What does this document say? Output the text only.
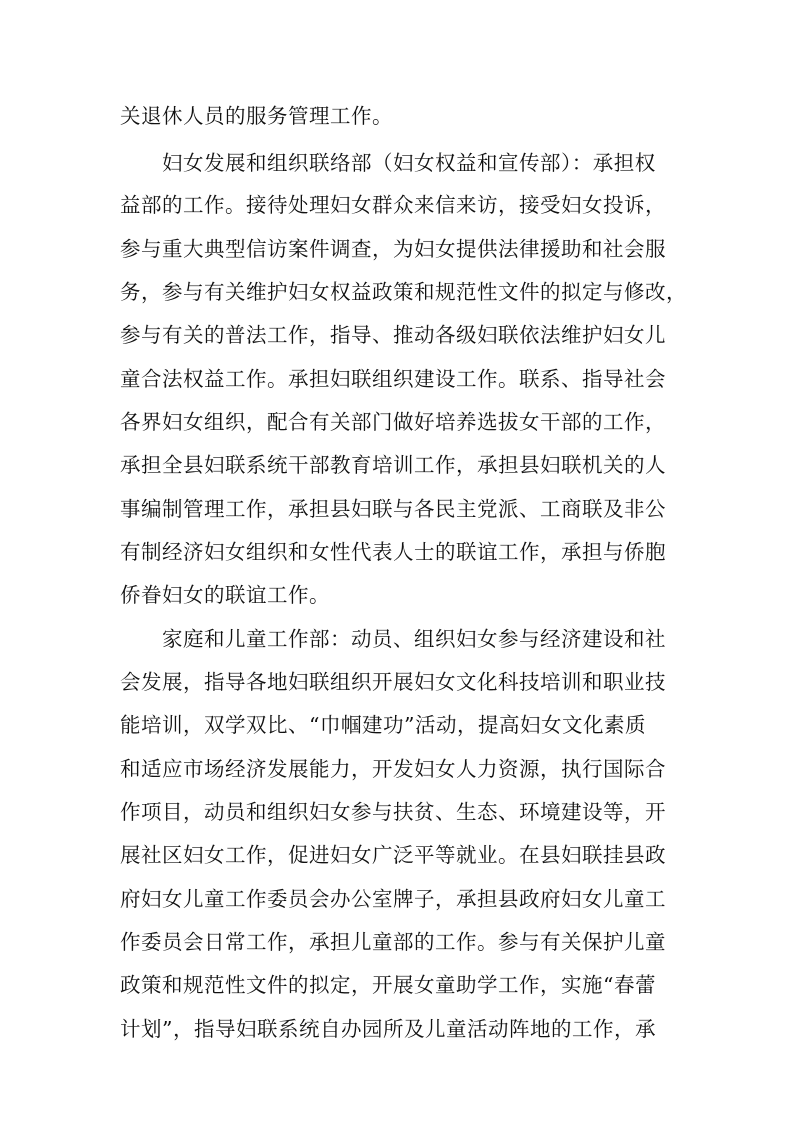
关退休人员的服务管理工作。
妇女发展和组织联络部（妇女权益和宣传部）：承担权
益部的工作。接待处理妇女群众来信来访，接受妇女投诉，
参与重大典型信访案件调查，为妇女提供法律援助和社会服
务，参与有关维护妇女权益政策和规范性文件的拟定与修改，
参与有关的普法工作，指导、推动各级妇联依法维护妇女儿
童合法权益工作。承担妇联组织建设工作。联系、指导社会
各界妇女组织，配合有关部门做好培养选拔女干部的工作，
承担全县妇联系统干部教育培训工作，承担县妇联机关的人
事编制管理工作，承担县妇联与各民主党派、工商联及非公
有制经济妇女组织和女性代表人士的联谊工作，承担与侨胞
侨眷妇女的联谊工作。
家庭和儿童工作部：动员、组织妇女参与经济建设和社
会发展，指导各地妇联组织开展妇女文化科技培训和职业技
能培训，双学双比、“巾帼建功”活动，提高妇女文化素质
和适应市场经济发展能力，开发妇女人力资源，执行国际合
作项目，动员和组织妇女参与扶贫、生态、环境建设等，开
展社区妇女工作，促进妇女广泛平等就业。在县妇联挂县政
府妇女儿童工作委员会办公室牌子，承担县政府妇女儿童工
作委员会日常工作，承担儿童部的工作。参与有关保护儿童
政策和规范性文件的拟定，开展女童助学工作，实施“春蕾
计划”，指导妇联系统自办园所及儿童活动阵地的工作，承
